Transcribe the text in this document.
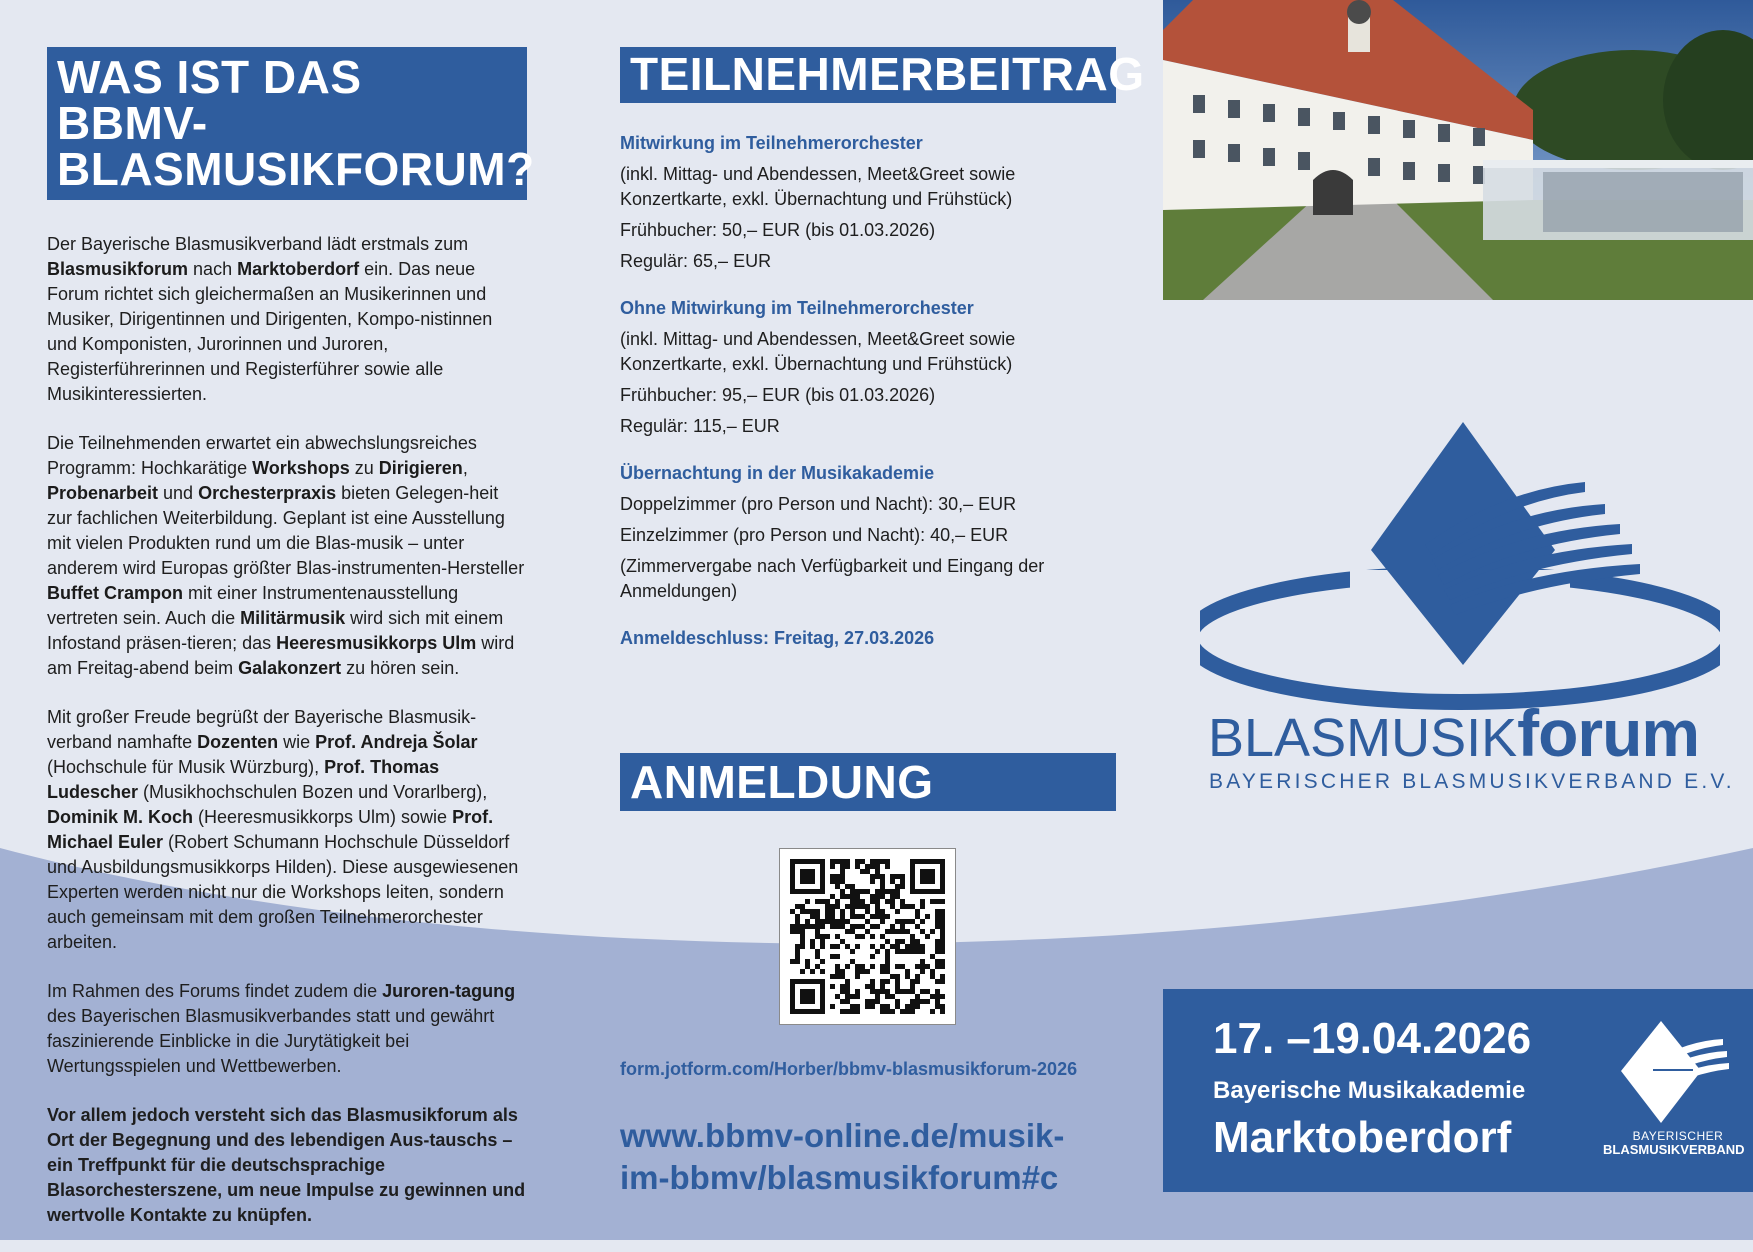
WAS IST DAS BBMV-
BLASMUSIKFORUM?

Der Bayerische Blasmusikverband lädt erstmals zum Blasmusikforum nach Marktoberdorf ein. Das neue Forum richtet sich gleichermaßen an Musikerinnen und Musiker, Dirigentinnen und Dirigenten, Kompo-nistinnen und Komponisten, Jurorinnen und Juroren, Registerführerinnen und Registerführer sowie alle Musikinteressierten.

Die Teilnehmenden erwartet ein abwechslungsreiches Programm: Hochkarätige Workshops zu Dirigieren, Probenarbeit und Orchesterpraxis bieten Gelegen-heit zur fachlichen Weiterbildung. Geplant ist eine Ausstellung mit vielen Produkten rund um die Blas-musik – unter anderem wird Europas größter Blas-instrumenten-Hersteller Buffet Crampon mit einer Instrumentenausstellung vertreten sein. Auch die Militärmusik wird sich mit einem Infostand präsen-tieren; das Heeresmusikkorps Ulm wird am Freitag-abend beim Galakonzert zu hören sein.

Mit großer Freude begrüßt der Bayerische Blasmusik-verband namhafte Dozenten wie Prof. Andreja Šolar (Hochschule für Musik Würzburg), Prof. Thomas Ludescher (Musikhochschulen Bozen und Vorarlberg), Dominik M. Koch (Heeresmusikkorps Ulm) sowie Prof. Michael Euler (Robert Schumann Hochschule Düsseldorf und Ausbildungsmusikkorps Hilden). Diese ausgewiesenen Experten werden nicht nur die Workshops leiten, sondern auch gemeinsam mit dem großen Teilnehmerorchester arbeiten.

Im Rahmen des Forums findet zudem die Juroren-tagung des Bayerischen Blasmusikverbandes statt und gewährt faszinierende Einblicke in die Jurytätigkeit bei Wertungsspielen und Wettbewerben.

Vor allem jedoch versteht sich das Blasmusikforum als Ort der Begegnung und des lebendigen Aus-tauschs – ein Treffpunkt für die deutschsprachige Blasorchesterszene, um neue Impulse zu gewinnen und wertvolle Kontakte zu knüpfen.

TEILNEHMERBEITRAG

Mitwirkung im Teilnehmerorchester

(inkl. Mittag- und Abendessen, Meet&Greet sowie

Konzertkarte, exkl. Übernachtung und Frühstück)

Frühbucher: 50,– EUR (bis 01.03.2026)

Regulär: 65,– EUR

Ohne Mitwirkung im Teilnehmerorchester

(inkl. Mittag- und Abendessen, Meet&Greet sowie

Konzertkarte, exkl. Übernachtung und Frühstück)

Frühbucher: 95,– EUR (bis 01.03.2026)

Regulär: 115,– EUR

Übernachtung in der Musikakademie

Doppelzimmer (pro Person und Nacht): 30,– EUR

Einzelzimmer (pro Person und Nacht): 40,– EUR

(Zimmervergabe nach Verfügbarkeit und Eingang der

Anmeldungen)

Anmeldeschluss: Freitag, 27.03.2026

ANMELDUNG
form.jotform.com/Horber/bbmv-blasmusikforum-2026
www.bbmv-online.de/musik-
im-bbmv/blasmusikforum#c
BLASMUSIKforum
BAYERISCHER BLASMUSIKVERBAND E.V.
17. –19.04.2026
Bayerische Musikakademie
Marktoberdorf	BAYERISCHER
BLASMUSIKVERBAND
